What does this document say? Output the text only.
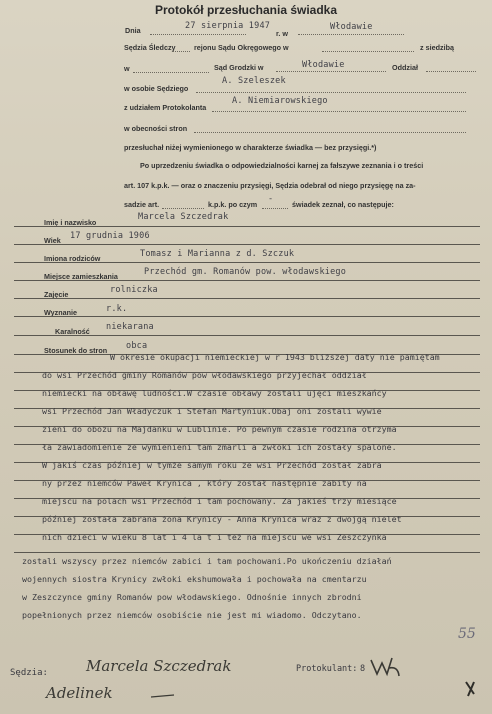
Protokół przesłuchania świadka
Dnia	27 sierpnia 1947
r. w
Włodawie
Sędzia Śledczy	rejonu Sądu Okręgowego w	z siedzibą
w	Sąd Grodzki w	Włodawie	Oddział
w osobie Sędziego
A. Szeleszek
z udziałem Protokolanta
A. Niemiarowskiego
w obecności stron
przesłuchał niżej wymienionego w charakterze świadka — bez przysięgi.*)
Po uprzedzeniu świadka o odpowiedzialności karnej za fałszywe zeznania i o treści
art. 107 k.p.k. — oraz o znaczeniu przysięgi, Sędzia odebrał od niego przysięgę na za-
sadzie art.	k.p.k. po czym
-
świadek zeznał, co następuje:
Imię i nazwisko
Marcela Szczedrak
Wiek 17 grudnia 1906
Imiona rodziców	Tomasz i Marianna z d. Szczuk
Miejsce zamieszkania	Przechód gm. Romanów pow. włodawskiego
Zajęcie	rolniczka
Wyznanie	r.k.
Karalność niekarana
Stosunek do stron obca
W okresie okupacji niemieckiej w r 1943 bliższej daty nie pamiętam
do wsi Przechód gminy Romanów pow włodawskiego przyjechał oddział
niemiecki na obławę ludności.W czasie obławy zostali ujęci mieszkańcy
wsi Przechód Jan Władyczuk i Stefan Martyniuk.Obaj oni zostali wywie
zieni do obozu na Majdanku w Lublinie. Po pewnym czasie rodzina otrzyma
ła zawiadomienie ze wymienieni tam zmarli a zwłoki ich zostały spalone.
W jakiś czas później w tymże samym roku ze wsi Przechód został zabra
ny przez niemców Paweł Krynica , który został następnie zabity na
miejscu na polach wsi Przechód i tam pochowany. Za jakieś trzy miesiące
później została zabrana żona Krynicy - Anna Krynica wraz z dwojgą nielet
nich dzieci w wieku 8 lat i 4 la t i też na miejscu we wsi Zeszczynka
zostali wszyscy przez niemców zabici i tam pochowani.Po ukończeniu działań
wojennych siostra Krynicy zwłoki ekshumowała i pochowała na cmentarzu
w Zeszczynce gminy Romanów pow włodawskiego. Odnośnie innych zbrodni
popełnionych przez niemców osobiście nie jest mi wiadomo. Odczytano.
55
Sędzia:	Marcela Szczedrak	Protokulant: 8
Adelinek
